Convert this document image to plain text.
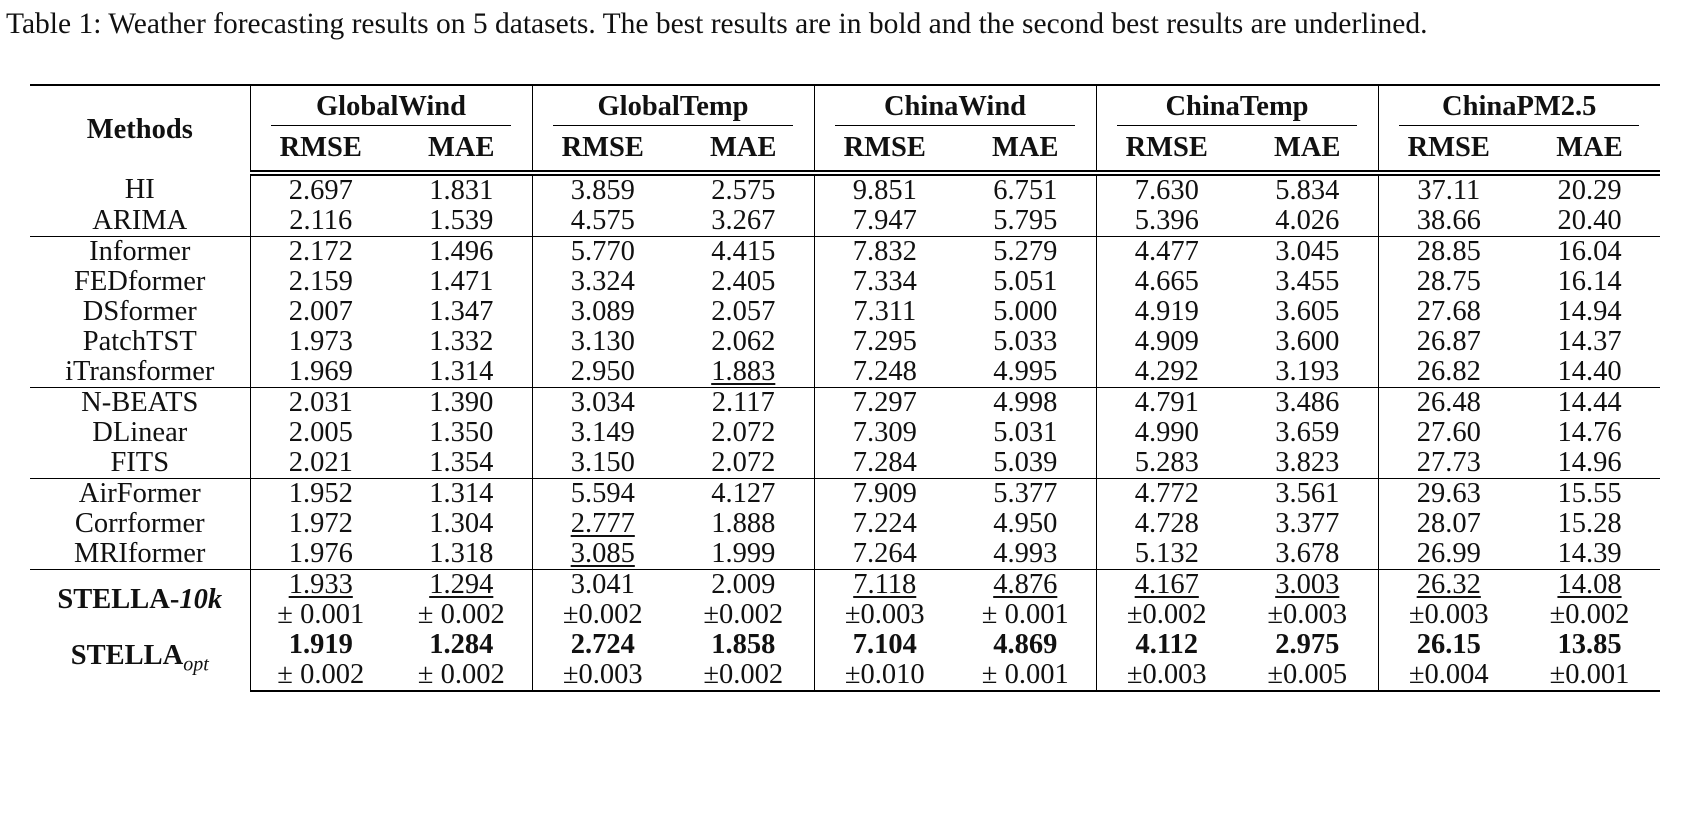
Table 1: Weather forecasting results on 5 datasets. The best results are in bold and the second best results are underlined.
Methods	GlobalWind		GlobalTemp		ChinaWind		ChinaTemp		ChinaPM2.5	
	RMSE	MAE	RMSE	MAE	RMSE	MAE	RMSE	MAE	RMSE	MAE
HI	2.697	1.831	3.859	2.575	9.851	6.751	7.630	5.834	37.11	20.29
ARIMA	2.116	1.539	4.575	3.267	7.947	5.795	5.396	4.026	38.66	20.40
Informer	2.172	1.496	5.770	4.415	7.832	5.279	4.477	3.045	28.85	16.04
FEDformer	2.159	1.471	3.324	2.405	7.334	5.051	4.665	3.455	28.75	16.14
DSformer	2.007	1.347	3.089	2.057	7.311	5.000	4.919	3.605	27.68	14.94
PatchTST	1.973	1.332	3.130	2.062	7.295	5.033	4.909	3.600	26.87	14.37
iTransformer	1.969	1.314	2.950	1.883	7.248	4.995	4.292	3.193	26.82	14.40
N-BEATS	2.031	1.390	3.034	2.117	7.297	4.998	4.791	3.486	26.48	14.44
DLinear	2.005	1.350	3.149	2.072	7.309	5.031	4.990	3.659	27.60	14.76
FITS	2.021	1.354	3.150	2.072	7.284	5.039	5.283	3.823	27.73	14.96
AirFormer	1.952	1.314	5.594	4.127	7.909	5.377	4.772	3.561	29.63	15.55
Corrformer	1.972	1.304	2.777	1.888	7.224	4.950	4.728	3.377	28.07	15.28
MRIformer	1.976	1.318	3.085	1.999	7.264	4.993	5.132	3.678	26.99	14.39
STELLA-10k	1.933	1.294	3.041	2.009	7.118	4.876	4.167	3.003	26.32	14.08
	± 0.001	± 0.002	±0.002	±0.002	±0.003	± 0.001	±0.002	±0.003	±0.003	±0.002
$STELLA_{opt}$	1.919	1.284	2.724	1.858	7.104	4.869	4.112	2.975	26.15	13.85
	± 0.002	± 0.002	±0.003	±0.002	±0.010	± 0.001	±0.003	±0.005	±0.004	±0.001
